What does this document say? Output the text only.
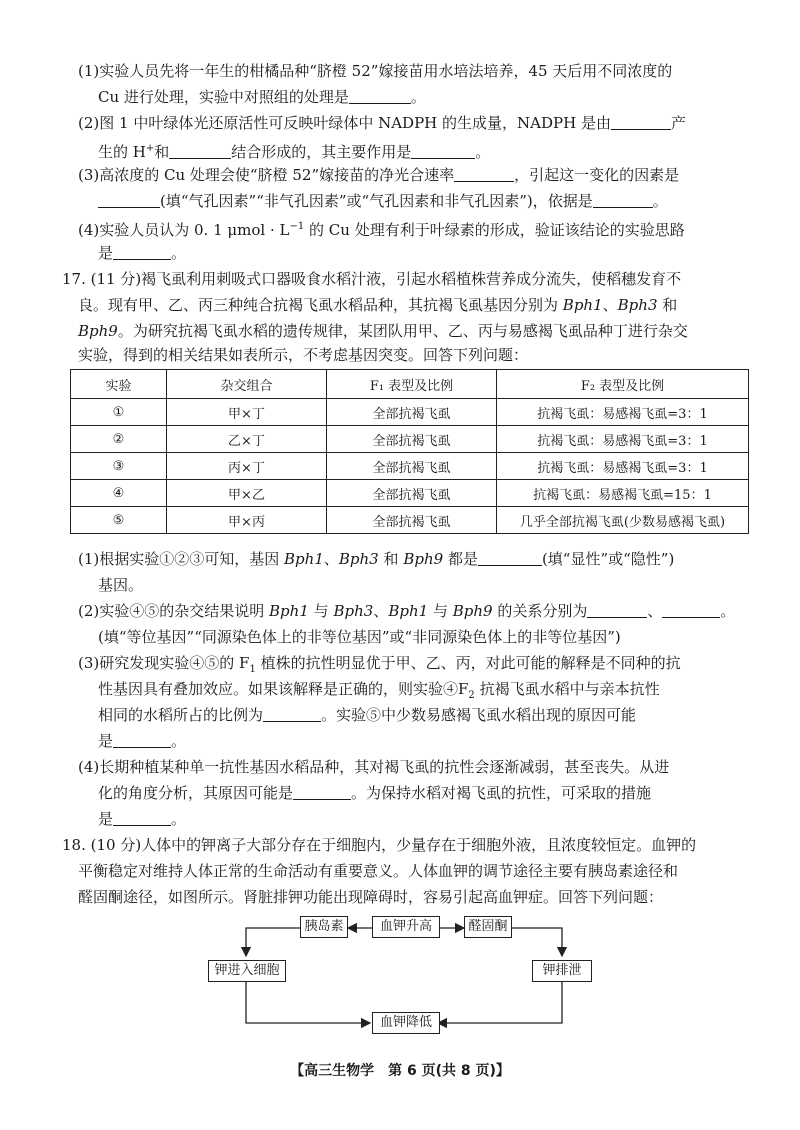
(1)实验人员先将一年生的柑橘品种“脐橙 52”嫁接苗用水培法培养，45 天后用不同浓度的
Cu 进行处理，实验中对照组的处理是	。
(2)图 1 中叶绿体光还原活性可反映叶绿体中 NADPH 的生成量，NADPH 是由	产
生的 H+和	结合形成的，其主要作用是	。
(3)高浓度的 Cu 处理会使“脐橙 52”嫁接苗的净光合速率	，引起这一变化的因素是
(填“气孔因素”“非气孔因素”或“气孔因素和非气孔因素”)，依据是	。
(4)实验人员认为 0. 1 $\mu mol \cdot L^{-1}$ 的 Cu 处理有利于叶绿素的形成，验证该结论的实验思路
是	。
17. (11 分)褐飞虱利用刺吸式口器吸食水稻汁液，引起水稻植株营养成分流失，使稻穗发育不
良。现有甲、乙、丙三种纯合抗褐飞虱水稻品种，其抗褐飞虱基因分别为 Bph1、Bph3 和
Bph9。为研究抗褐飞虱水稻的遗传规律，某团队用甲、乙、丙与易感褐飞虱品种丁进行杂交
实验，得到的相关结果如表所示，不考虑基因突变。回答下列问题：
实验	杂交组合	F₁ 表型及比例	F₂ 表型及比例
①	甲×丁	全部抗褐飞虱	抗褐飞虱：易感褐飞虱=3：1
②	乙×丁	全部抗褐飞虱	抗褐飞虱：易感褐飞虱=3：1
③	丙×丁	全部抗褐飞虱	抗褐飞虱：易感褐飞虱=3：1
④	甲×乙	全部抗褐飞虱	抗褐飞虱：易感褐飞虱=15：1
⑤	甲×丙	全部抗褐飞虱	几乎全部抗褐飞虱(少数易感褐飞虱)
(1)根据实验①②③可知，基因 Bph1、Bph3 和 Bph9 都是	(填“显性”或“隐性”)
基因。
(2)实验④⑤的杂交结果说明 Bph1 与 Bph3、Bph1 与 Bph9 的关系分别为	、	。
(填“等位基因”“同源染色体上的非等位基因”或“非同源染色体上的非等位基因”)
(3)研究发现实验④⑤的 $F_1$ 植株的抗性明显优于甲、乙、丙，对此可能的解释是不同种的抗
性基因具有叠加效应。如果该解释是正确的，则实验$④F_2$ 抗褐飞虱水稻中与亲本抗性
相同的水稻所占的比例为	。实验⑤中少数易感褐飞虱水稻出现的原因可能
是	。
(4)长期种植某种单一抗性基因水稻品种，其对褐飞虱的抗性会逐渐减弱，甚至丧失。从进
化的角度分析，其原因可能是	。为保持水稻对褐飞虱的抗性，可采取的措施
是	。
18. (10 分)人体中的钾离子大部分存在于细胞内，少量存在于细胞外液，且浓度较恒定。血钾的
平衡稳定对维持人体正常的生命活动有重要意义。人体血钾的调节途径主要有胰岛素途径和
醛固酮途径，如图所示。肾脏排钾功能出现障碍时，容易引起高血钾症。回答下列问题：
胰岛素	血钾升高	醛固酮
钾进入细胞	钾排泄
血钾降低
【高三生物学　第 6 页(共 8 页)】
